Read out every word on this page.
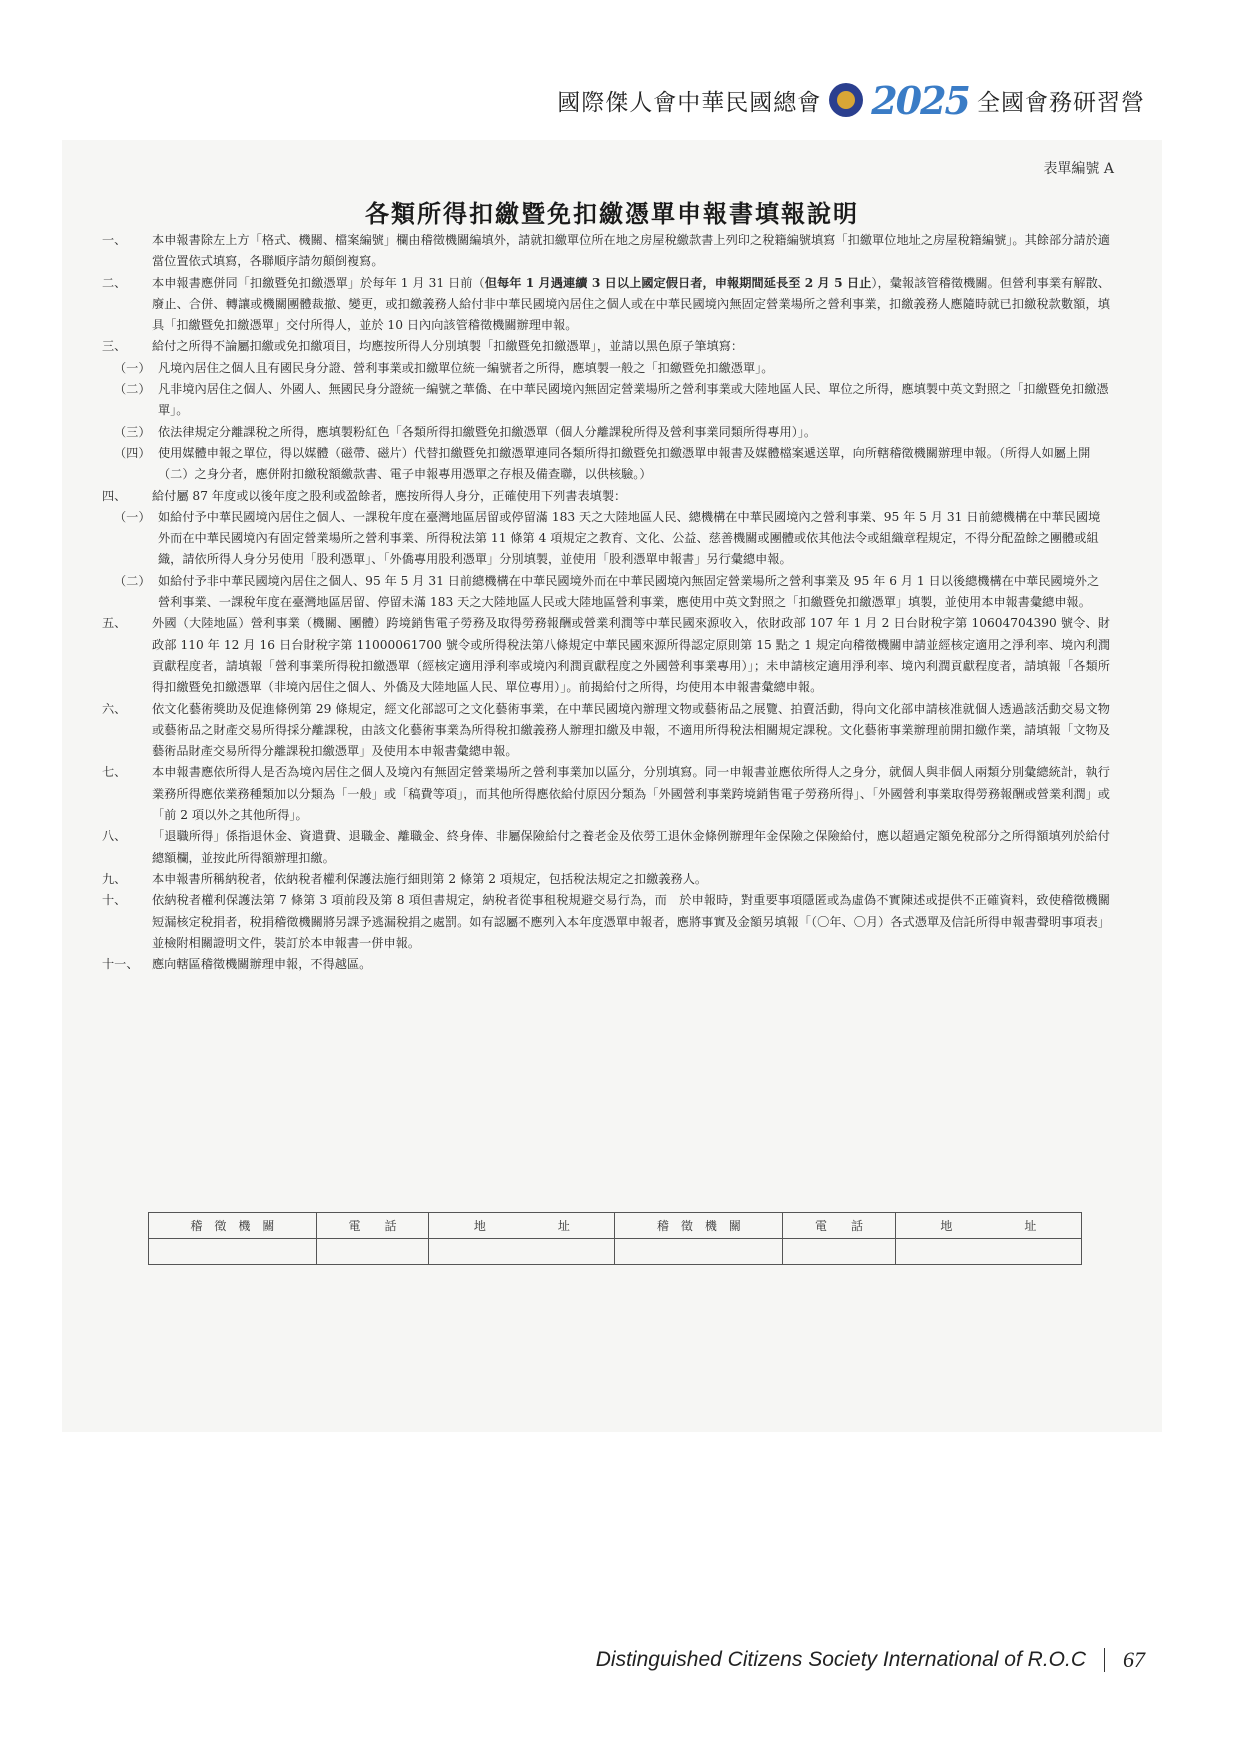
國際傑人會中華民國總會 2025 全國會務研習營
表單編號 A
各類所得扣繳暨免扣繳憑單申報書填報說明
一、	本申報書除左上方「格式、機關、檔案編號」欄由稽徵機關編填外，請就扣繳單位所在地之房屋稅繳款書上列印之稅籍編號填寫「扣繳單位地址之房屋稅籍編號」。其餘部分請於適當位置依式填寫，各聯順序請勿顛倒複寫。
二、	本申報書應併同「扣繳暨免扣繳憑單」於每年 1 月 31 日前（但每年 1 月遇連續 3 日以上國定假日者，申報期間延長至 2 月 5 日止），彙報該管稽徵機關。但營利事業有解散、廢止、合併、轉讓或機關團體裁撤、變更，或扣繳義務人給付非中華民國境內居住之個人或在中華民國境內無固定營業場所之營利事業，扣繳義務人應隨時就已扣繳稅款數額，填具「扣繳暨免扣繳憑單」交付所得人，並於 10 日內向該管稽徵機關辦理申報。
三、	給付之所得不論屬扣繳或免扣繳項目，均應按所得人分別填製「扣繳暨免扣繳憑單」，並請以黑色原子筆填寫：
（一） 凡境內居住之個人且有國民身分證、營利事業或扣繳單位統一編號者之所得，應填製一般之「扣繳暨免扣繳憑單」。
（二） 凡非境內居住之個人、外國人、無國民身分證統一編號之華僑、在中華民國境內無固定營業場所之營利事業或大陸地區人民、單位之所得，應填製中英文對照之「扣繳暨免扣繳憑單」。
（三） 依法律規定分離課稅之所得，應填製粉紅色「各類所得扣繳暨免扣繳憑單（個人分離課稅所得及營利事業同類所得專用）」。
（四） 使用媒體申報之單位，得以媒體（磁帶、磁片）代替扣繳暨免扣繳憑單連同各類所得扣繳暨免扣繳憑單申報書及媒體檔案遞送單，向所轄稽徵機關辦理申報。（所得人如屬上開（二）之身分者，應併附扣繳稅額繳款書、電子申報專用憑單之存根及備查聯，以供核驗。）
四、	給付屬 87 年度或以後年度之股利或盈餘者，應按所得人身分，正確使用下列書表填製：
（一） 如給付予中華民國境內居住之個人、一課稅年度在臺灣地區居留或停留滿 183 天之大陸地區人民、總機構在中華民國境內之營利事業、95 年 5 月 31 日前總機構在中華民國境外而在中華民國境內有固定營業場所之營利事業、所得稅法第 11 條第 4 項規定之教育、文化、公益、慈善機關或團體或依其他法令或組織章程規定，不得分配盈餘之團體或組織，請依所得人身分另使用「股利憑單」、「外僑專用股利憑單」分別填製，並使用「股利憑單申報書」另行彙總申報。
（二） 如給付予非中華民國境內居住之個人、95 年 5 月 31 日前總機構在中華民國境外而在中華民國境內無固定營業場所之營利事業及 95 年 6 月 1 日以後總機構在中華民國境外之營利事業、一課稅年度在臺灣地區居留、停留未滿 183 天之大陸地區人民或大陸地區營利事業，應使用中英文對照之「扣繳暨免扣繳憑單」填製，並使用本申報書彙總申報。
五、	外國（大陸地區）營利事業（機關、團體）跨境銷售電子勞務及取得勞務報酬或營業利潤等中華民國來源收入，依財政部 107 年 1 月 2 日台財稅字第 10604704390 號令、財政部 110 年 12 月 16 日台財稅字第 11000061700 號令或所得稅法第八條規定中華民國來源所得認定原則第 15 點之 1 規定向稽徵機關申請並經核定適用之淨利率、境內利潤貢獻程度者，請填報「營利事業所得稅扣繳憑單（經核定適用淨利率或境內利潤貢獻程度之外國營利事業專用）」；未申請核定適用淨利率、境內利潤貢獻程度者，請填報「各類所得扣繳暨免扣繳憑單（非境內居住之個人、外僑及大陸地區人民、單位專用）」。前揭給付之所得，均使用本申報書彙總申報。
六、	依文化藝術獎助及促進條例第 29 條規定，經文化部認可之文化藝術事業，在中華民國境內辦理文物或藝術品之展覽、拍賣活動，得向文化部申請核准就個人透過該活動交易文物或藝術品之財產交易所得採分離課稅，由該文化藝術事業為所得稅扣繳義務人辦理扣繳及申報，不適用所得稅法相關規定課稅。文化藝術事業辦理前開扣繳作業，請填報「文物及藝術品財產交易所得分離課稅扣繳憑單」及使用本申報書彙總申報。
七、	本申報書應依所得人是否為境內居住之個人及境內有無固定營業場所之營利事業加以區分，分別填寫。同一申報書並應依所得人之身分，就個人與非個人兩類分別彙總統計，執行業務所得應依業務種類加以分類為「一般」或「稿費等項」，而其他所得應依給付原因分類為「外國營利事業跨境銷售電子勞務所得」、「外國營利事業取得勞務報酬或營業利潤」或「前 2 項以外之其他所得」。
八、	「退職所得」係指退休金、資遣費、退職金、離職金、終身俸、非屬保險給付之養老金及依勞工退休金條例辦理年金保險之保險給付，應以超過定額免稅部分之所得額填列於給付總額欄，並按此所得額辦理扣繳。
九、	本申報書所稱納稅者，依納稅者權利保護法施行細則第 2 條第 2 項規定，包括稅法規定之扣繳義務人。
十、	依納稅者權利保護法第 7 條第 3 項前段及第 8 項但書規定，納稅者從事租稅規避交易行為，而　於申報時，對重要事項隱匿或為虛偽不實陳述或提供不正確資料，致使稽徵機關短漏核定稅捐者，稅捐稽徵機關將另課予逃漏稅捐之處罰。如有認屬不應列入本年度憑單申報者，應將事實及金額另填報「（〇年、〇月）各式憑單及信託所得申報書聲明事項表」並檢附相關證明文件，裝訂於本申報書一併申報。
十一、	應向轄區稽徵機關辦理申報，不得越區。
稽　徵　機　關	電　　話	地　　　　　　址	稽　徵　機　關	電　　話	地　　　　　　址

Distinguished Citizens Society International of R.O.C 67
